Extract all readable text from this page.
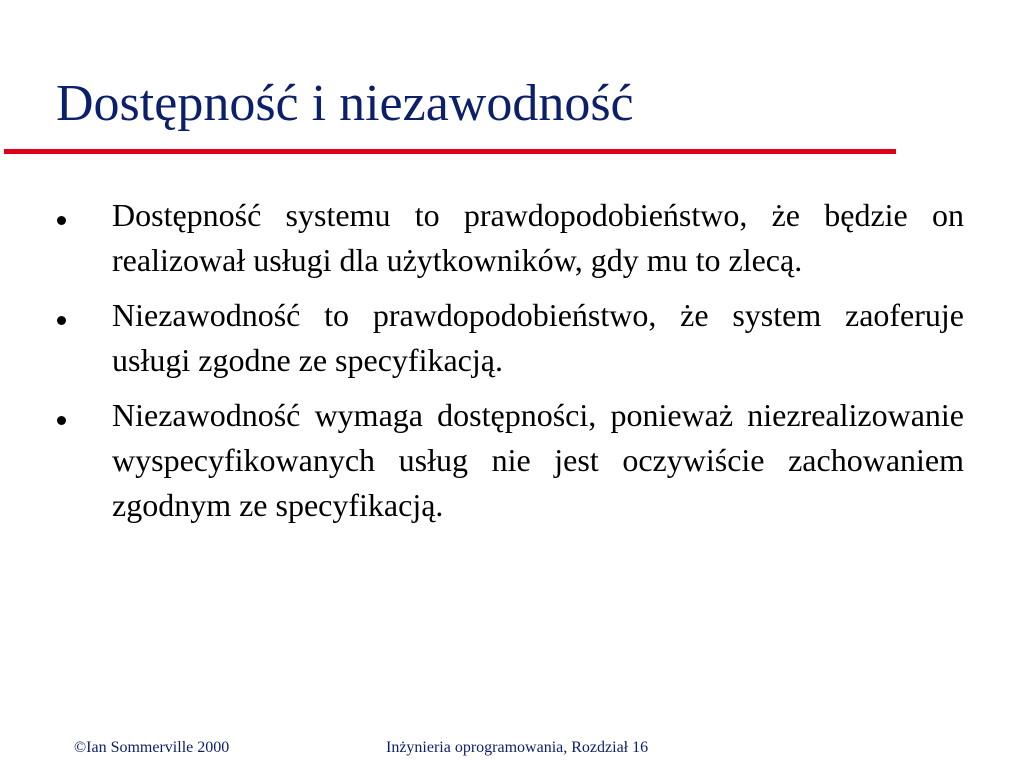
Dostępność i niezawodność
Dostępność systemu to prawdopodobieństwo, że będzie on realizował usługi dla użytkowników, gdy mu to zlecą.
Niezawodność to prawdopodobieństwo, że system zaoferuje usługi zgodne ze specyfikacją.
Niezawodność wymaga dostępności, ponieważ niezrealizowanie wyspecyfikowanych usług nie jest oczywiście zachowaniem zgodnym ze specyfikacją.
©Ian Sommerville 2000	Inżynieria oprogramowania, Rozdział 16
